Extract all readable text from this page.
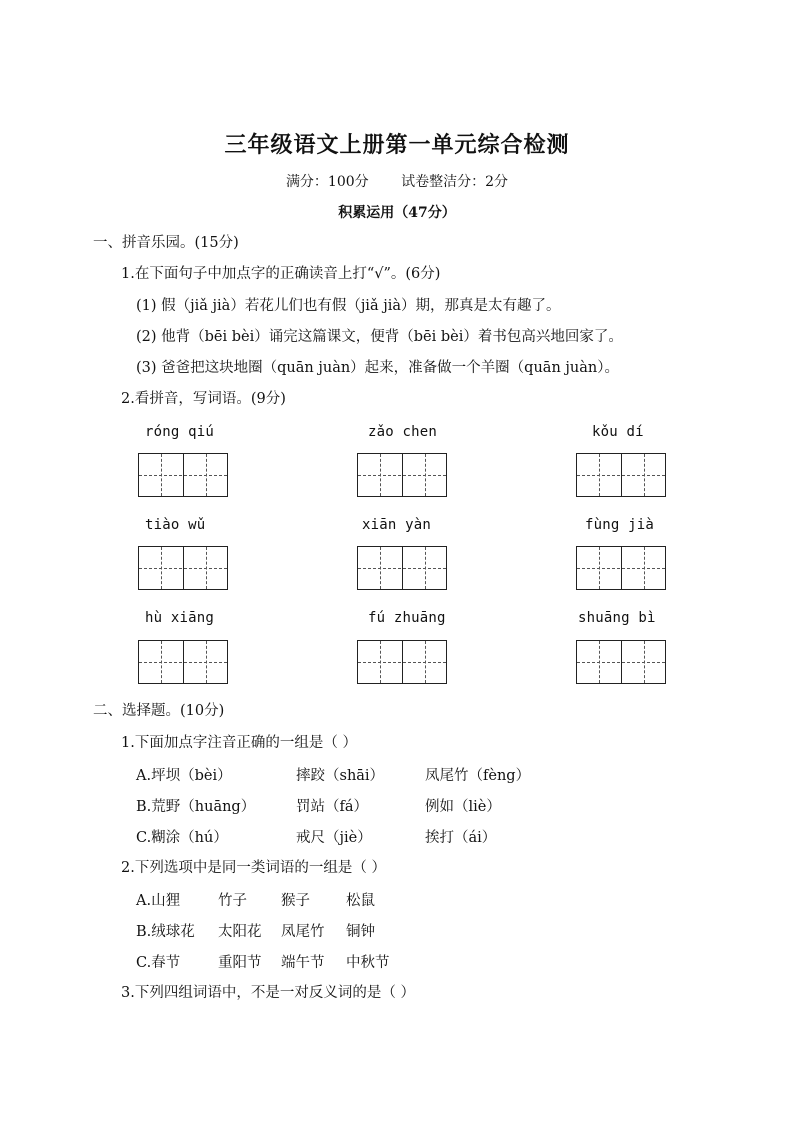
三年级语文上册第一单元综合检测
满分：100分 试卷整洁分：2分
积累运用（47分）
一、拼音乐园。(15分)
1.在下面句子中加点字的正确读音上打“√”。(6分)
(1) 假（jiǎ jià）若花儿们也有假（jiǎ jià）期，那真是太有趣了。
(2) 他背（bēi bèi）诵完这篇课文，便背（bēi bèi）着书包高兴地回家了。
(3) 爸爸把这块地圈（quān juàn）起来，准备做一个羊圈（quān juàn）。
2.看拼音，写词语。(9分)
róng qiú	zǎo chen	kǒu dí
tiào wǔ	xiān yàn	fùng jià
hù xiāng	fú zhuāng	shuāng bì
二、选择题。(10分)
1.下面加点字注音正确的一组是（ ）
A.坪坝（bèi）	摔跤（shāi）	凤尾竹（fèng）
B.荒野（huāng）	罚站（fá）	例如（liè）
C.糊涂（hú）	戒尺（jiè）	挨打（ái）
2.下列选项中是同一类词语的一组是（ ）
A.山狸	竹子 猴子 松鼠
B.绒球花 太阳花 凤尾竹 铜钟
C.春节	重阳节 端午节 中秋节
3.下列四组词语中，不是一对反义词的是（ ）
